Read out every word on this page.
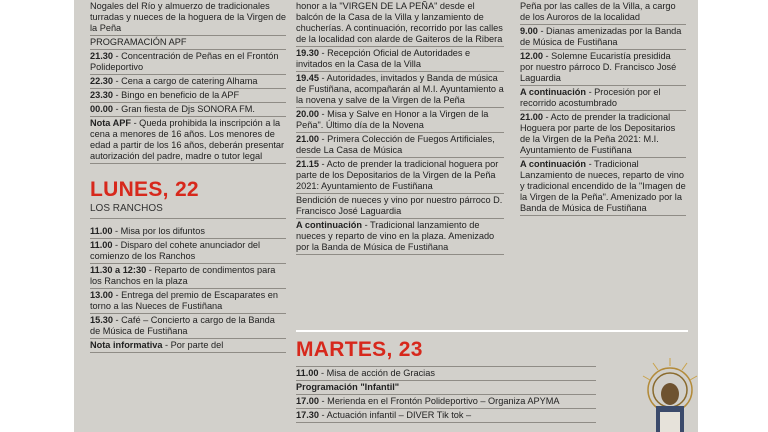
Nogales del Río y almuerzo de tradicionales turradas y nueces de la hoguera de la Virgen de la Peña
PROGRAMACIÓN APF
21.30 - Concentración de Peñas en el Frontón Polideportivo
22.30 - Cena a cargo de catering Alhama
23.30 - Bingo en beneficio de la APF
00.00 - Gran fiesta de Djs SONORA FM.
Nota APF - Queda prohibida la inscripción a la cena a menores de 16 años. Los menores de edad a partir de los 16 años, deberán presentar autorización del padre, madre o tutor legal
LUNES, 22
LOS RANCHOS
11.00 - Misa por los difuntos
11.00 - Disparo del cohete anunciador del comienzo de los Ranchos
11.30 a 12:30 - Reparto de condimentos para los Ranchos en la plaza
13.00 - Entrega del premio de Escaparates en torno a las Nueces de Fustiñana
15.30 - Café – Concierto a cargo de la Banda de Música de Fustiñana
Nota informativa - Por parte del
honor a la "VIRGEN DE LA PEÑA" desde el balcón de la Casa de la Villa y lanzamiento de chucherías. A continuación, recorrido por las calles de la localidad con alarde de Gaiteros de la Ribera
19.30 - Recepción Oficial de Autoridades e invitados en la Casa de la Villa
19.45 - Autoridades, invitados y Banda de música de Fustiñana, acompañarán al M.I. Ayuntamiento a la novena y salve de la Virgen de la Peña
20.00 - Misa y Salve en Honor a la Virgen de la Peña". Último día de la Novena
21.00 - Primera Colección de Fuegos Artificiales, desde La Casa de Música
21.15 - Acto de prender la tradicional hoguera por parte de los Depositarios de la Virgen de la Peña 2021: Ayuntamiento de Fustiñana
Bendición de nueces y vino por nuestro párroco D. Francisco José Laguardia
A continuación - Tradicional lanzamiento de nueces y reparto de vino en la plaza. Amenizado por la Banda de Música de Fustiñana
Peña por las calles de la Villa, a cargo de los Auroros de la localidad
9.00 - Dianas amenizadas por la Banda de Música de Fustiñana
12.00 - Solemne Eucaristía presidida por nuestro párroco D. Francisco José Laguardia
A continuación - Procesión por el recorrido acostumbrado
21.00 - Acto de prender la tradicional Hoguera por parte de los Depositarios de la Virgen de la Peña 2021: M.I. Ayuntamiento de Fustiñana
A continuación - Tradicional Lanzamiento de nueces, reparto de vino y tradicional encendido de la "Imagen de la Virgen de la Peña". Amenizado por la Banda de Música de Fustiñana
MARTES, 23
11.00 - Misa de acción de Gracias
Programación "Infantil"
17.00 - Merienda en el Frontón Polideportivo – Organiza APYMA
17.30 - Actuación infantil – DIVER Tik tok –
